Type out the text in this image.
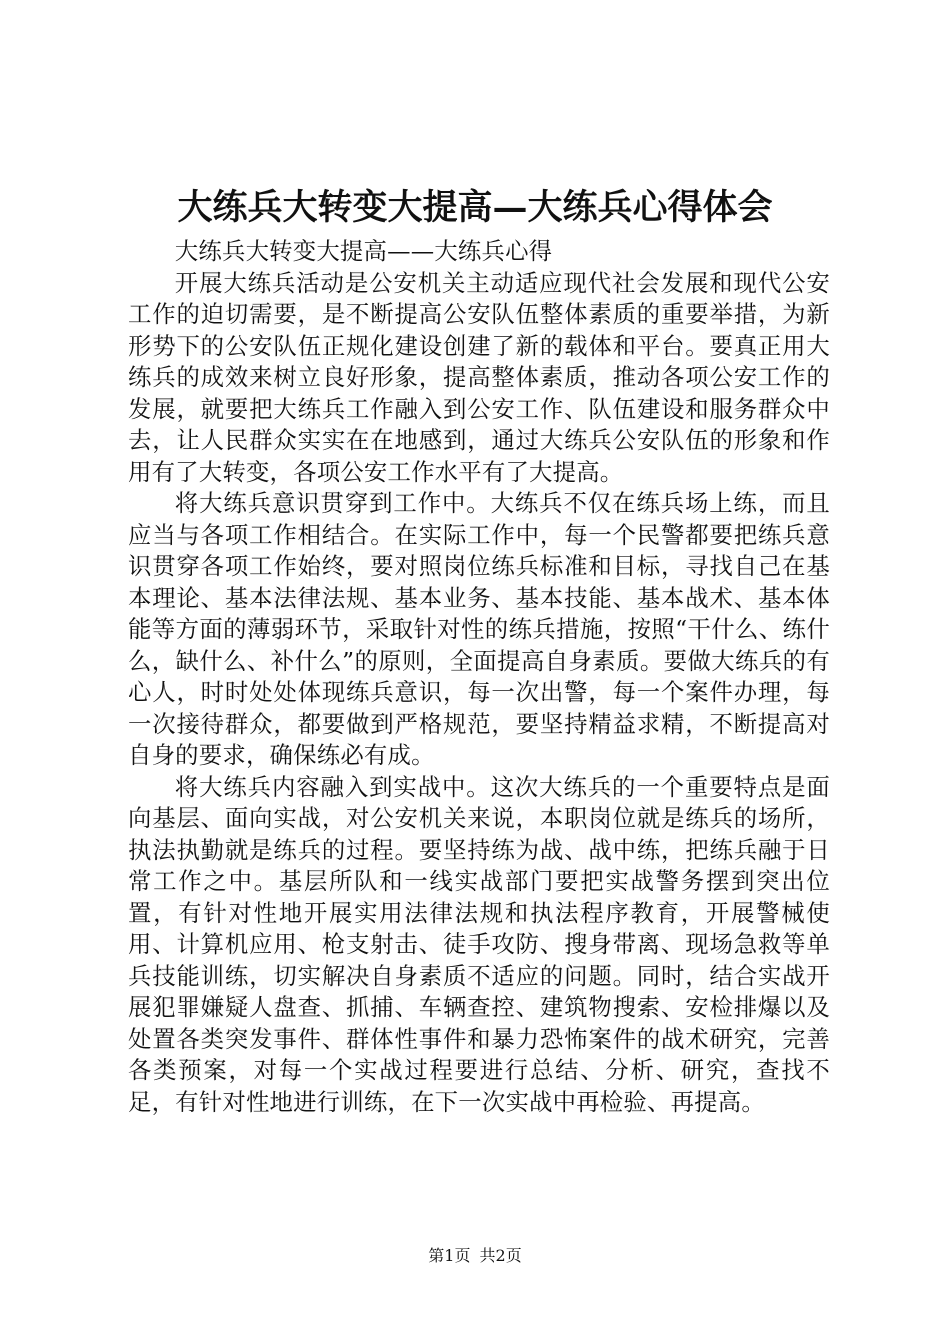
大练兵大转变大提高—大练兵心得体会

大练兵大转变大提高——大练兵心得

开展大练兵活动是公安机关主动适应现代社会发展和现代公安工作的迫切需要，是不断提高公安队伍整体素质的重要举措，为新形势下的公安队伍正规化建设创建了新的载体和平台。要真正用大练兵的成效来树立良好形象，提高整体素质，推动各项公安工作的发展，就要把大练兵工作融入到公安工作、队伍建设和服务群众中去，让人民群众实实在在地感到，通过大练兵公安队伍的形象和作用有了大转变，各项公安工作水平有了大提高。

将大练兵意识贯穿到工作中。大练兵不仅在练兵场上练，而且应当与各项工作相结合。在实际工作中，每一个民警都要把练兵意识贯穿各项工作始终，要对照岗位练兵标准和目标，寻找自己在基本理论、基本法律法规、基本业务、基本技能、基本战术、基本体能等方面的薄弱环节，采取针对性的练兵措施，按照“干什么、练什么，缺什么、补什么”的原则，全面提高自身素质。要做大练兵的有心人，时时处处体现练兵意识，每一次出警，每一个案件办理，每一次接待群众，都要做到严格规范，要坚持精益求精，不断提高对自身的要求，确保练必有成。

将大练兵内容融入到实战中。这次大练兵的一个重要特点是面向基层、面向实战，对公安机关来说，本职岗位就是练兵的场所，执法执勤就是练兵的过程。要坚持练为战、战中练，把练兵融于日常工作之中。基层所队和一线实战部门要把实战警务摆到突出位置，有针对性地开展实用法律法规和执法程序教育，开展警械使用、计算机应用、枪支射击、徒手攻防、搜身带离、现场急救等单兵技能训练，切实解决自身素质不适应的问题。同时，结合实战开展犯罪嫌疑人盘查、抓捕、车辆查控、建筑物搜索、安检排爆以及处置各类突发事件、群体性事件和暴力恐怖案件的战术研究，完善各类预案，对每一个实战过程要进行总结、分析、研究，查找不足，有针对性地进行训练，在下一次实战中再检验、再提高。

第1页 共2页
